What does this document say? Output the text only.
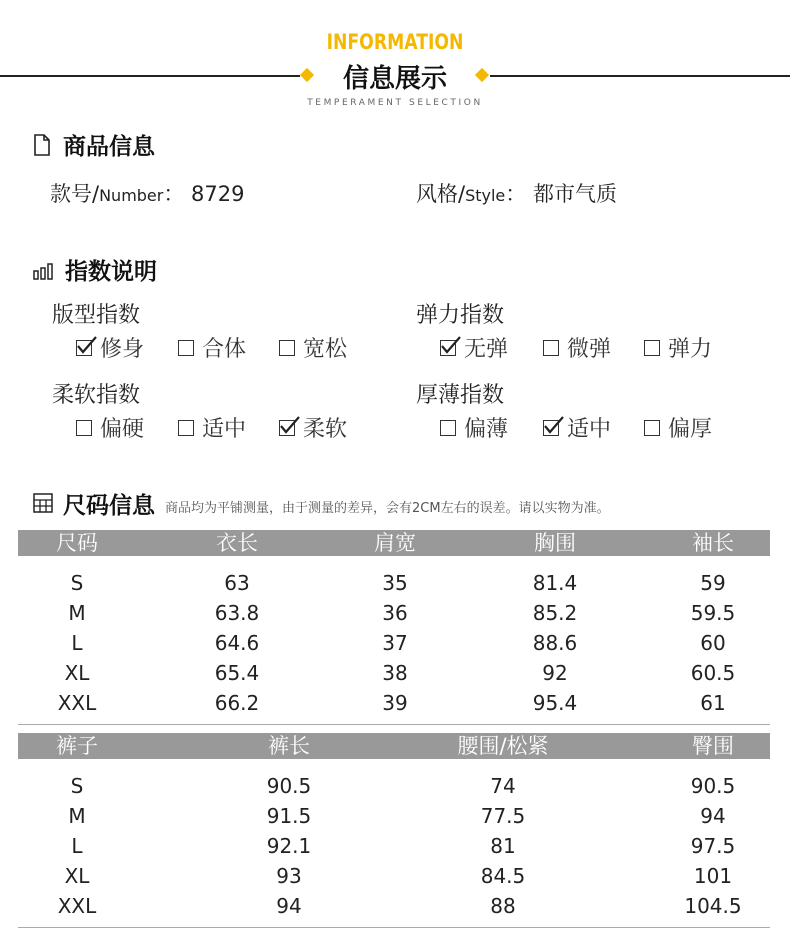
INFORMATION
信息展示
TEMPERAMENT SELECTION
商品信息
款号/Number： 8729	风格/Style： 都市气质
指数说明
版型指数
修身	合体	宽松
弹力指数
无弹	微弹	弹力
柔软指数
偏硬	适中	柔软
厚薄指数
偏薄	适中	偏厚
尺码信息 商品均为平铺测量，由于测量的差异，会有2CM左右的误差。请以实物为准。
尺码	衣长	肩宽	胸围	袖长
S	63	35	81.4	59
M	63.8	36	85.2	59.5
L	64.6	37	88.6	60
XL	65.4	38	92	60.5
XXL	66.2	39	95.4	61
裤子	裤长	腰围/松紧	臀围
S	90.5	74	90.5
M	91.5	77.5	94
L	92.1	81	97.5
XL	93	84.5	101
XXL	94	88	104.5
